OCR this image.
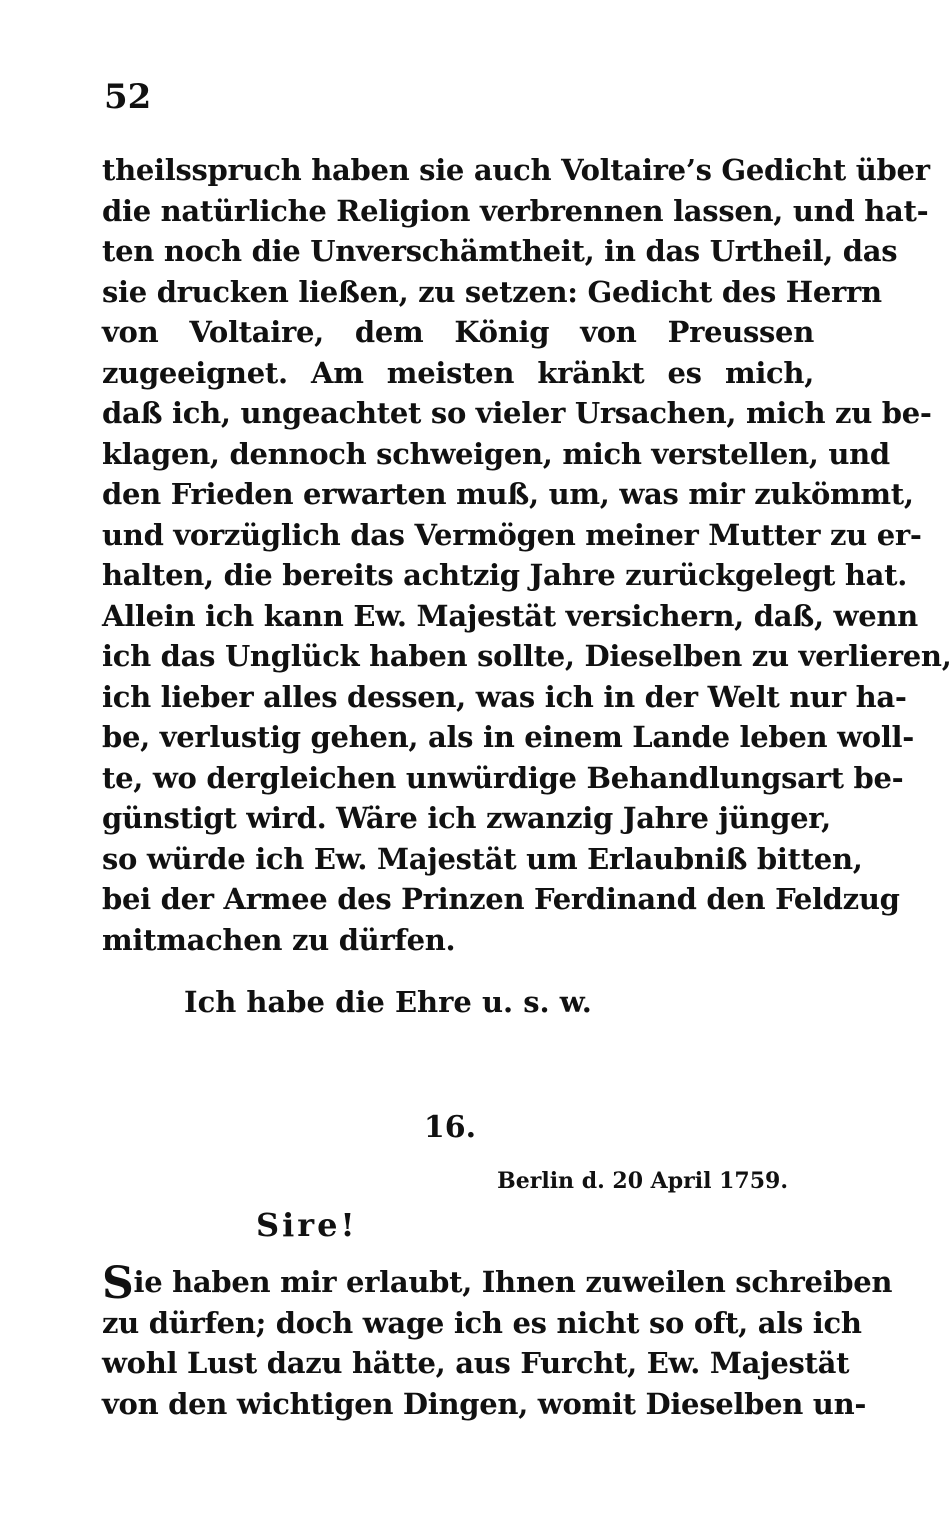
52
theilsspruch haben sie auch Voltaire’s Gedicht über
die natürliche Religion verbrennen lassen, und hat-
ten noch die Unverschämtheit, in das Urtheil, das
sie drucken ließen, zu setzen: Gedicht des Herrn
von Voltaire, dem König von Preussen
zugeeignet. Am meisten kränkt es mich,
daß ich, ungeachtet so vieler Ursachen, mich zu be-
klagen, dennoch schweigen, mich verstellen, und
den Frieden erwarten muß, um, was mir zukömmt,
und vorzüglich das Vermögen meiner Mutter zu er-
halten, die bereits achtzig Jahre zurückgelegt hat.
Allein ich kann Ew. Majestät versichern, daß, wenn
ich das Unglück haben sollte, Dieselben zu verlieren,
ich lieber alles dessen, was ich in der Welt nur ha-
be, verlustig gehen, als in einem Lande leben woll-
te, wo dergleichen unwürdige Behandlungsart be-
günstigt wird. Wäre ich zwanzig Jahre jünger,
so würde ich Ew. Majestät um Erlaubniß bitten,
bei der Armee des Prinzen Ferdinand den Feldzug
mitmachen zu dürfen.
Ich habe die Ehre u. s. w.
16.
Berlin d. 20 April 1759.
Sire!
Sie haben mir erlaubt, Ihnen zuweilen schreiben
zu dürfen; doch wage ich es nicht so oft, als ich
wohl Lust dazu hätte, aus Furcht, Ew. Majestät
von den wichtigen Dingen, womit Dieselben un-
